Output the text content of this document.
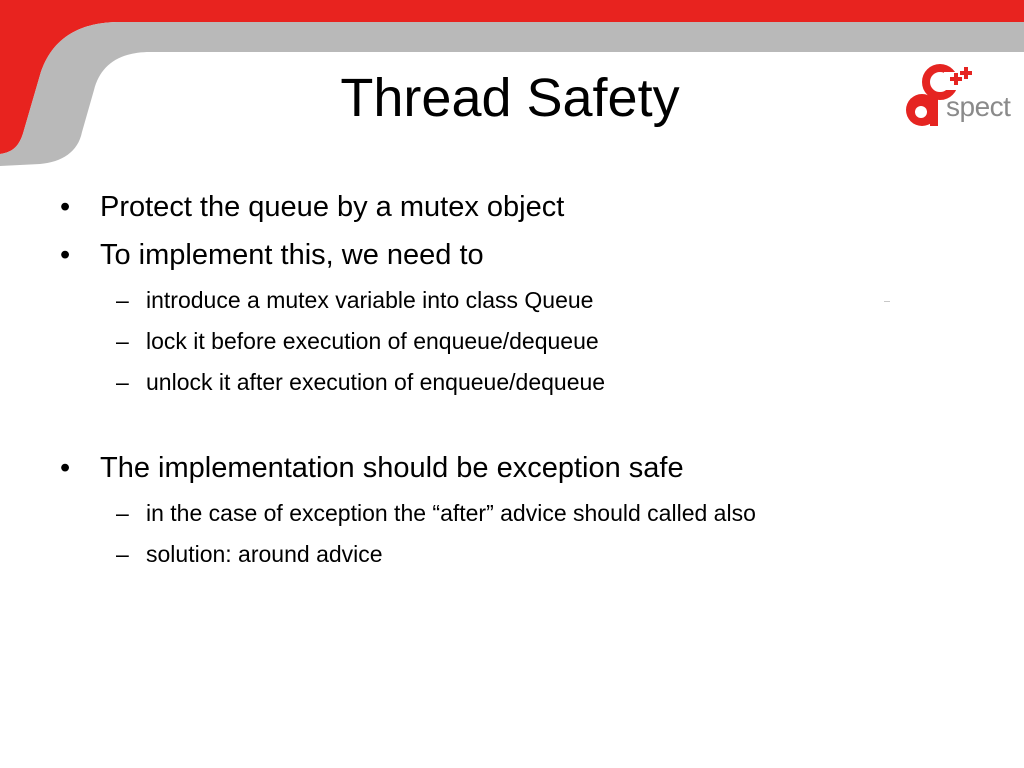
Thread Safety	spect
• Protect the queue by a mutex object
• To implement this, we need to
– introduce a mutex variable into class Queue
– lock it before execution of enqueue/dequeue
– unlock it after execution of enqueue/dequeue
• The implementation should be exception safe
– in the case of exception the “after” advice should called also
– solution: around advice
